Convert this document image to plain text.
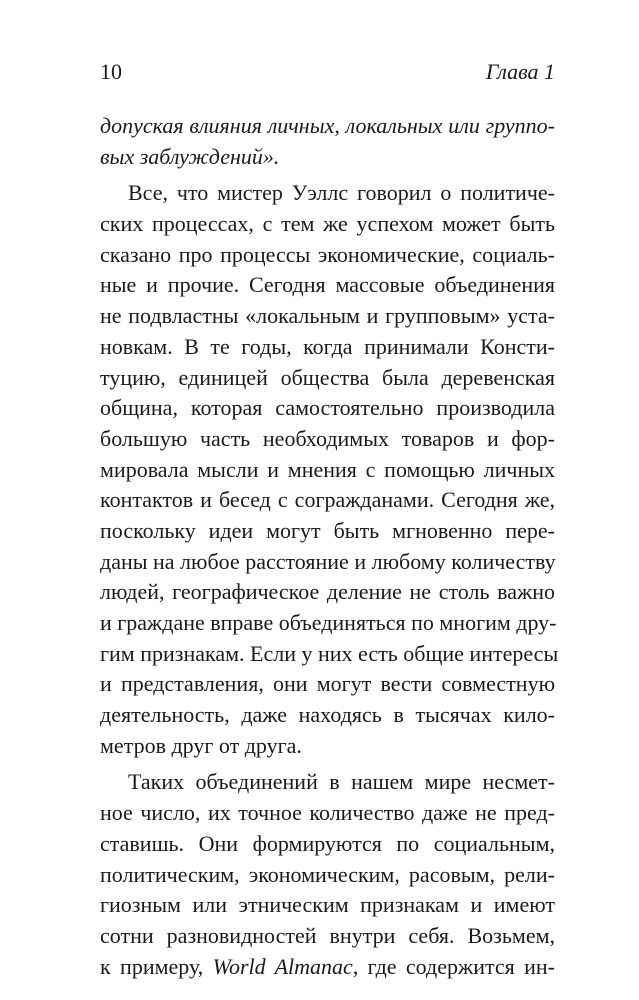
10	Глава 1
допуская влияния личных, локальных или группо-
вых заблуждений».
Все, что мистер Уэллс говорил о политиче-
ских процессах, с тем же успехом может быть
сказано про процессы экономические, социаль-
ные и прочие. Сегодня массовые объединения
не подвластны «локальным и групповым» уста-
новкам. В те годы, когда принимали Консти-
туцию, единицей общества была деревенская
община, которая самостоятельно производила
большую часть необходимых товаров и фор-
мировала мысли и мнения с помощью личных
контактов и бесед с согражданами. Сегодня же,
поскольку идеи могут быть мгновенно пере-
даны на любое расстояние и любому количеству
людей, географическое деление не столь важно
и граждане вправе объединяться по многим дру-
гим признакам. Если у них есть общие интересы
и представления, они могут вести совместную
деятельность, даже находясь в тысячах кило-
метров друг от друга.
Таких объединений в нашем мире несмет-
ное число, их точное количество даже не пред-
ставишь. Они формируются по социальным,
политическим, экономическим, расовым, рели-
гиозным или этническим признакам и имеют
сотни разновидностей внутри себя. Возьмем,
к примеру, World Almanac, где содержится ин-
